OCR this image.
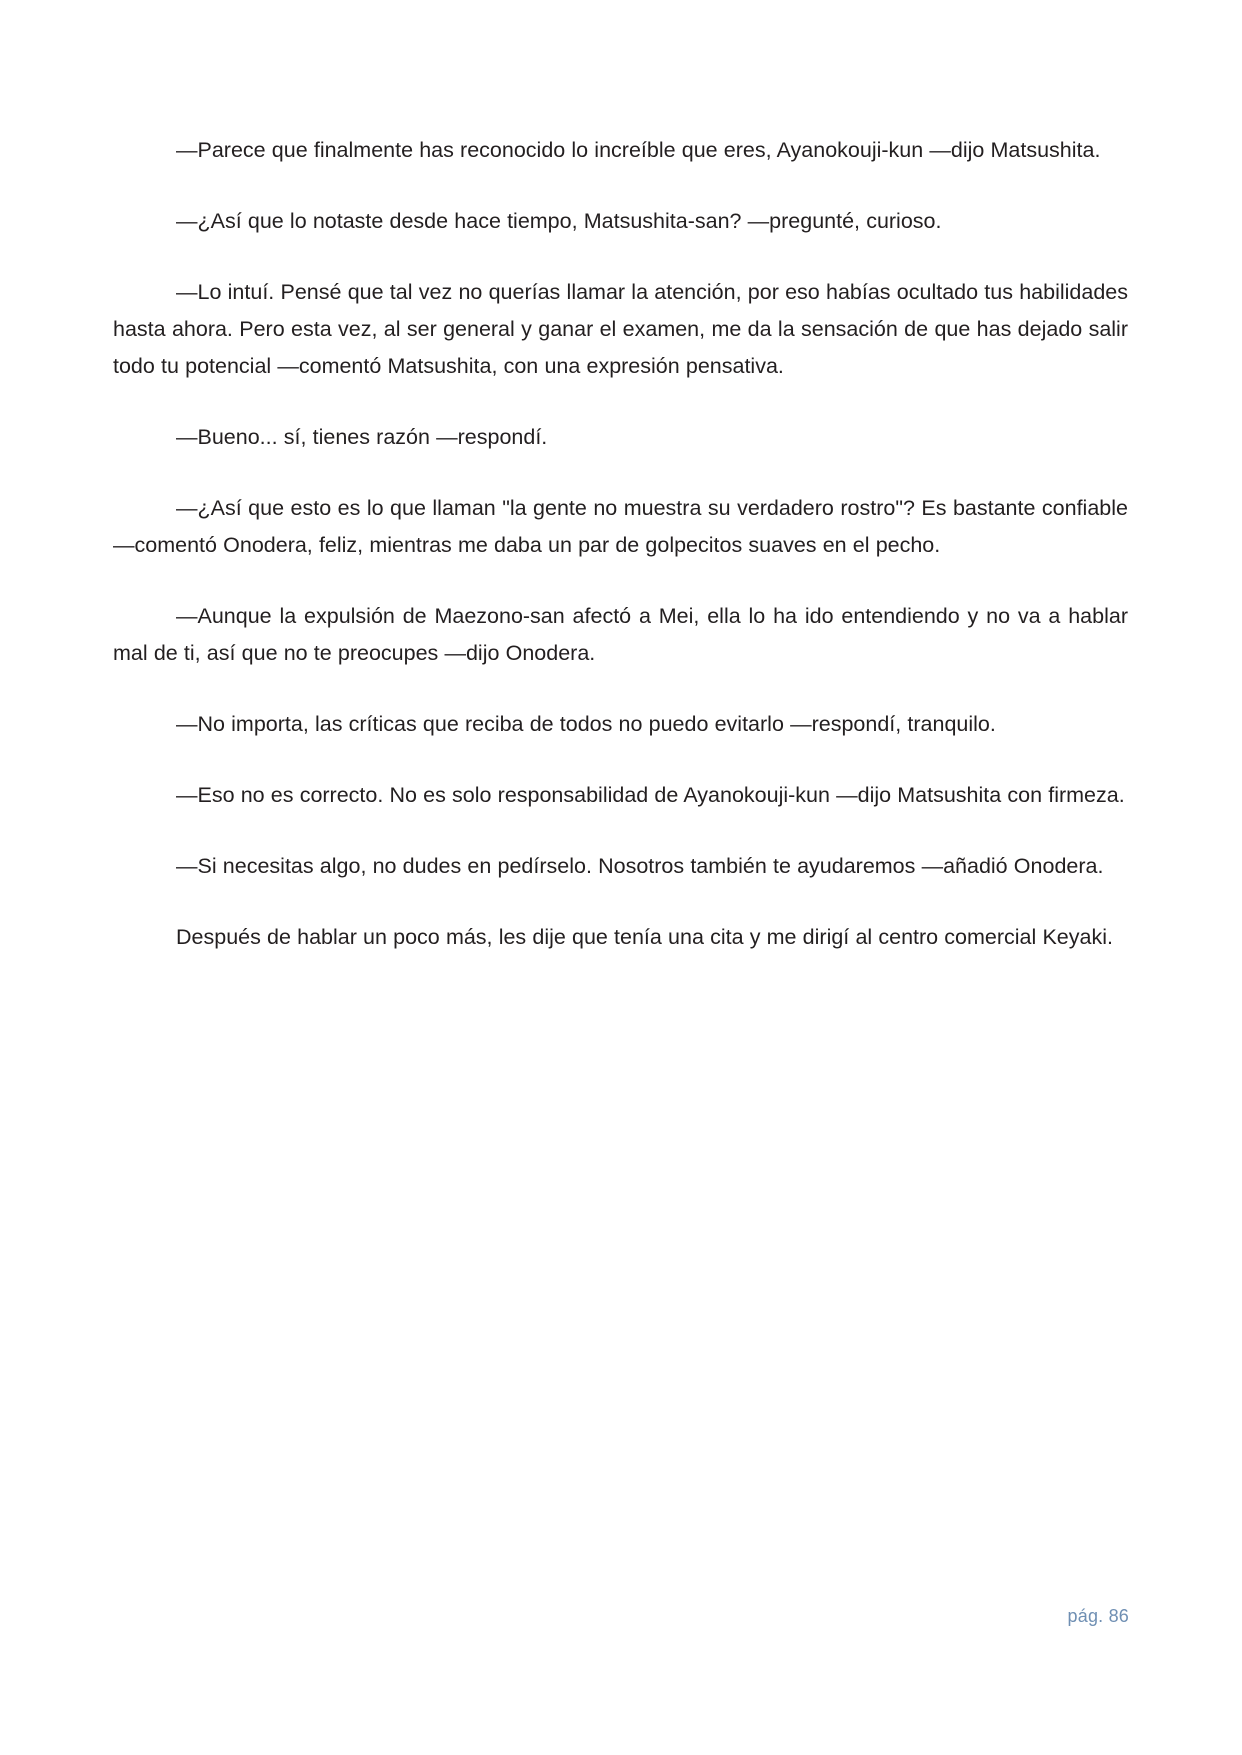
—Parece que finalmente has reconocido lo increíble que eres, Ayanokouji-kun —dijo Matsushita.

—¿Así que lo notaste desde hace tiempo, Matsushita-san? —pregunté, curioso.

—Lo intuí. Pensé que tal vez no querías llamar la atención, por eso habías ocultado tus habilidades hasta ahora. Pero esta vez, al ser general y ganar el examen, me da la sensación de que has dejado salir todo tu potencial —comentó Matsushita, con una expresión pensativa.

—Bueno... sí, tienes razón —respondí.

—¿Así que esto es lo que llaman "la gente no muestra su verdadero rostro"? Es bastante confiable —comentó Onodera, feliz, mientras me daba un par de golpecitos suaves en el pecho.

—Aunque la expulsión de Maezono-san afectó a Mei, ella lo ha ido entendiendo y no va a hablar mal de ti, así que no te preocupes —dijo Onodera.

—No importa, las críticas que reciba de todos no puedo evitarlo —respondí, tranquilo.

—Eso no es correcto. No es solo responsabilidad de Ayanokouji-kun —dijo Matsushita con firmeza.

—Si necesitas algo, no dudes en pedírselo. Nosotros también te ayudaremos —añadió Onodera.

Después de hablar un poco más, les dije que tenía una cita y me dirigí al centro comercial Keyaki.

pág. 86
